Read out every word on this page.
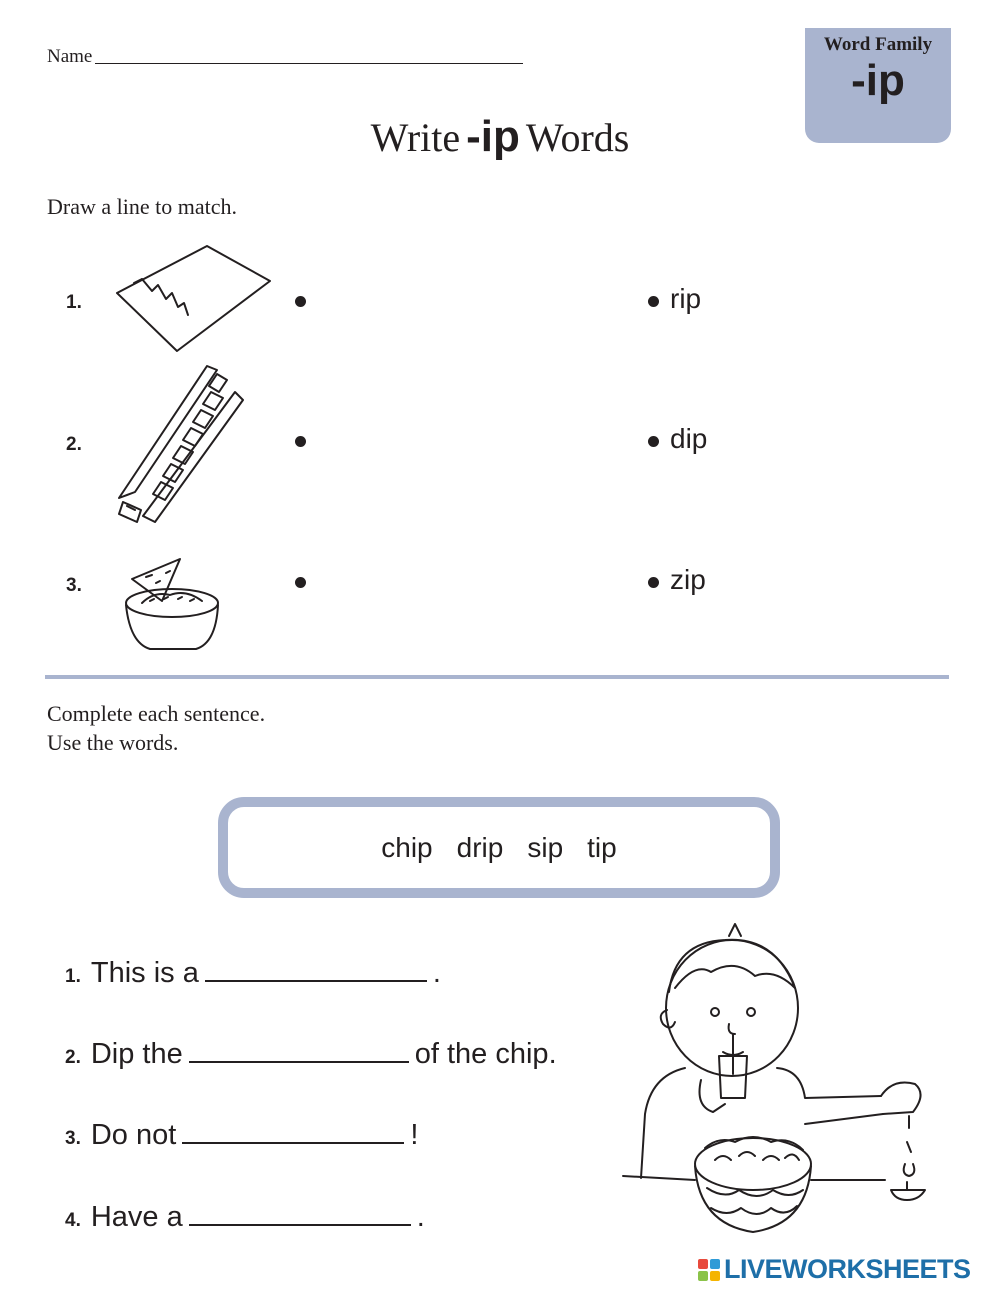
Name
Word Family
-ip
Write -ip Words
Draw a line to match.
1.	rip
2.	dip
3.	zip
Complete each sentence.
Use the words.
chip drip sip tip
1. This is a	.
2. Dip the	of the chip.
3. Do not	!
4. Have a	.
LIVEWORKSHEETS
